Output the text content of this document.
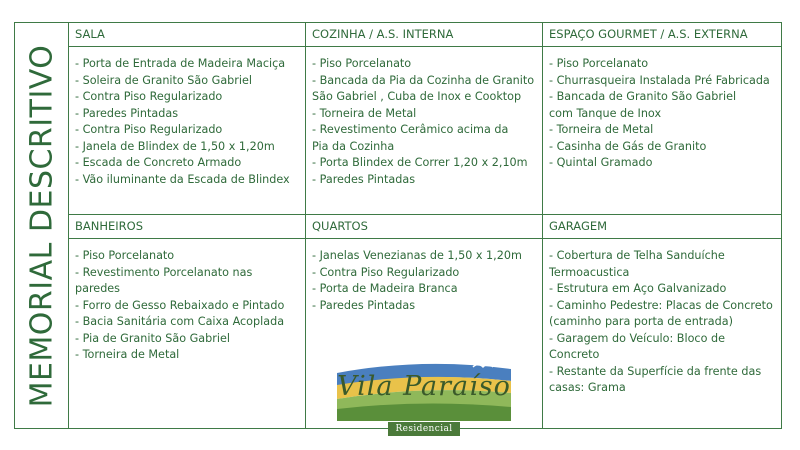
MEMORIAL DESCRITIVO
SALA
- Porta de Entrada de Madeira Maciça
- Soleira de Granito São Gabriel
- Contra Piso Regularizado
- Paredes Pintadas
- Contra Piso Regularizado
- Janela de Blindex de 1,50 x 1,20m
- Escada de Concreto Armado
- Vão iluminante da Escada de Blindex
COZINHA / A.S. INTERNA
- Piso Porcelanato
- Bancada da Pia da Cozinha de Granito
São Gabriel , Cuba de Inox e Cooktop
- Torneira de Metal
- Revestimento Cerâmico acima da
Pia da Cozinha
- Porta Blindex de Correr 1,20 x 2,10m
- Paredes Pintadas
ESPAÇO GOURMET / A.S. EXTERNA
- Piso Porcelanato
- Churrasqueira Instalada Pré Fabricada
- Bancada de Granito São Gabriel
com Tanque de Inox
- Torneira de Metal
- Casinha de Gás de Granito
- Quintal Gramado
BANHEIROS
- Piso Porcelanato
- Revestimento Porcelanato nas paredes
- Forro de Gesso Rebaixado e Pintado
- Bacia Sanitária com Caixa Acoplada
- Pia de Granito São Gabriel
- Torneira de Metal
QUARTOS
- Janelas Venezianas de 1,50 x 1,20m
- Contra Piso Regularizado
- Porta de Madeira Branca
- Paredes Pintadas
GARAGEM
- Cobertura de Telha Sanduíche
Termoacustica
- Estrutura em Aço Galvanizado
- Caminho Pedestre: Placas de Concreto
(caminho para porta de entrada)
- Garagem do Veículo: Bloco de
Concreto
- Restante da Superfície da frente das
casas: Grama
Vila Paraíso
Residencial
